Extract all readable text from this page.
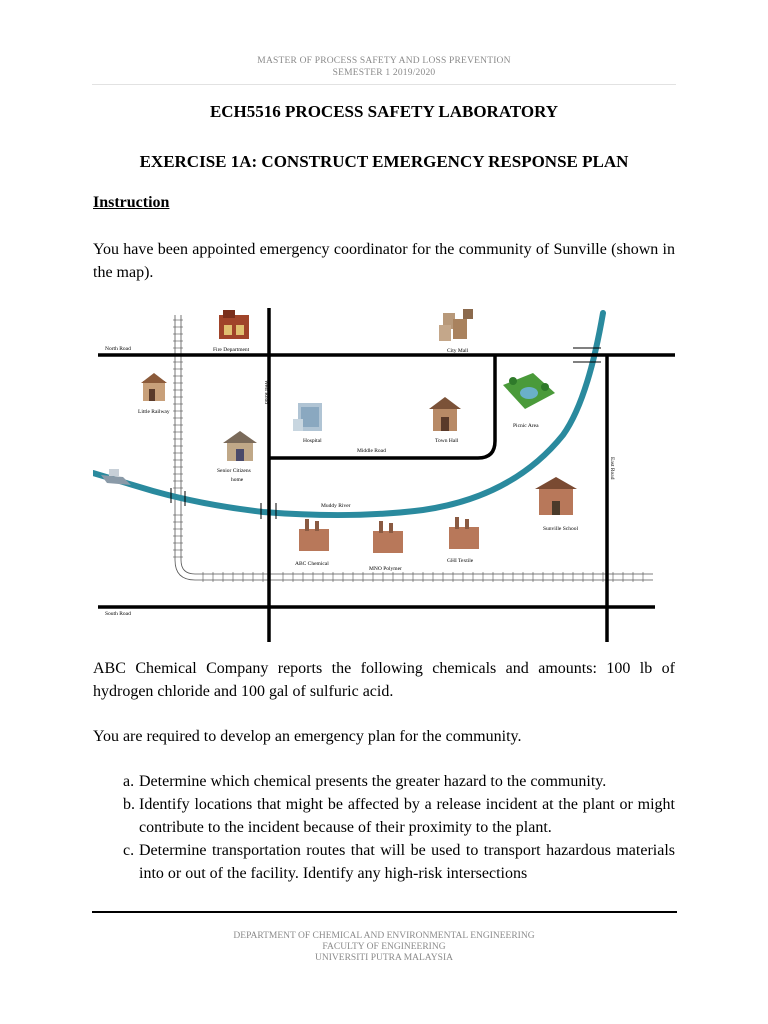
MASTER OF PROCESS SAFETY AND LOSS PREVENTION
SEMESTER 1 2019/2020
ECH5516 PROCESS SAFETY LABORATORY
EXERCISE 1A: CONSTRUCT EMERGENCY RESPONSE PLAN
Instruction
You have been appointed emergency coordinator for the community of Sunville (shown in the map).
North Road
South Road
West Road
East Road
Middle Road
Muddy River
Fire Department	City Mall
Little Railway
Hospital	Town Hall
Picnic Area
Senior Citizens
home
ABC Chemical
MNO Polymer
GHI Textile
Sunville School
ABC Chemical Company reports the following chemicals and amounts: 100 lb of hydrogen chloride and 100 gal of sulfuric acid.
You are required to develop an emergency plan for the community.
a. Determine which chemical presents the greater hazard to the community.
b. Identify locations that might be affected by a release incident at the plant or might contribute to the incident because of their proximity to the plant.
c. Determine transportation routes that will be used to transport hazardous materials into or out of the facility. Identify any high-risk intersections
DEPARTMENT OF CHEMICAL AND ENVIRONMENTAL ENGINEERING
FACULTY OF ENGINEERING
UNIVERSITI PUTRA MALAYSIA
